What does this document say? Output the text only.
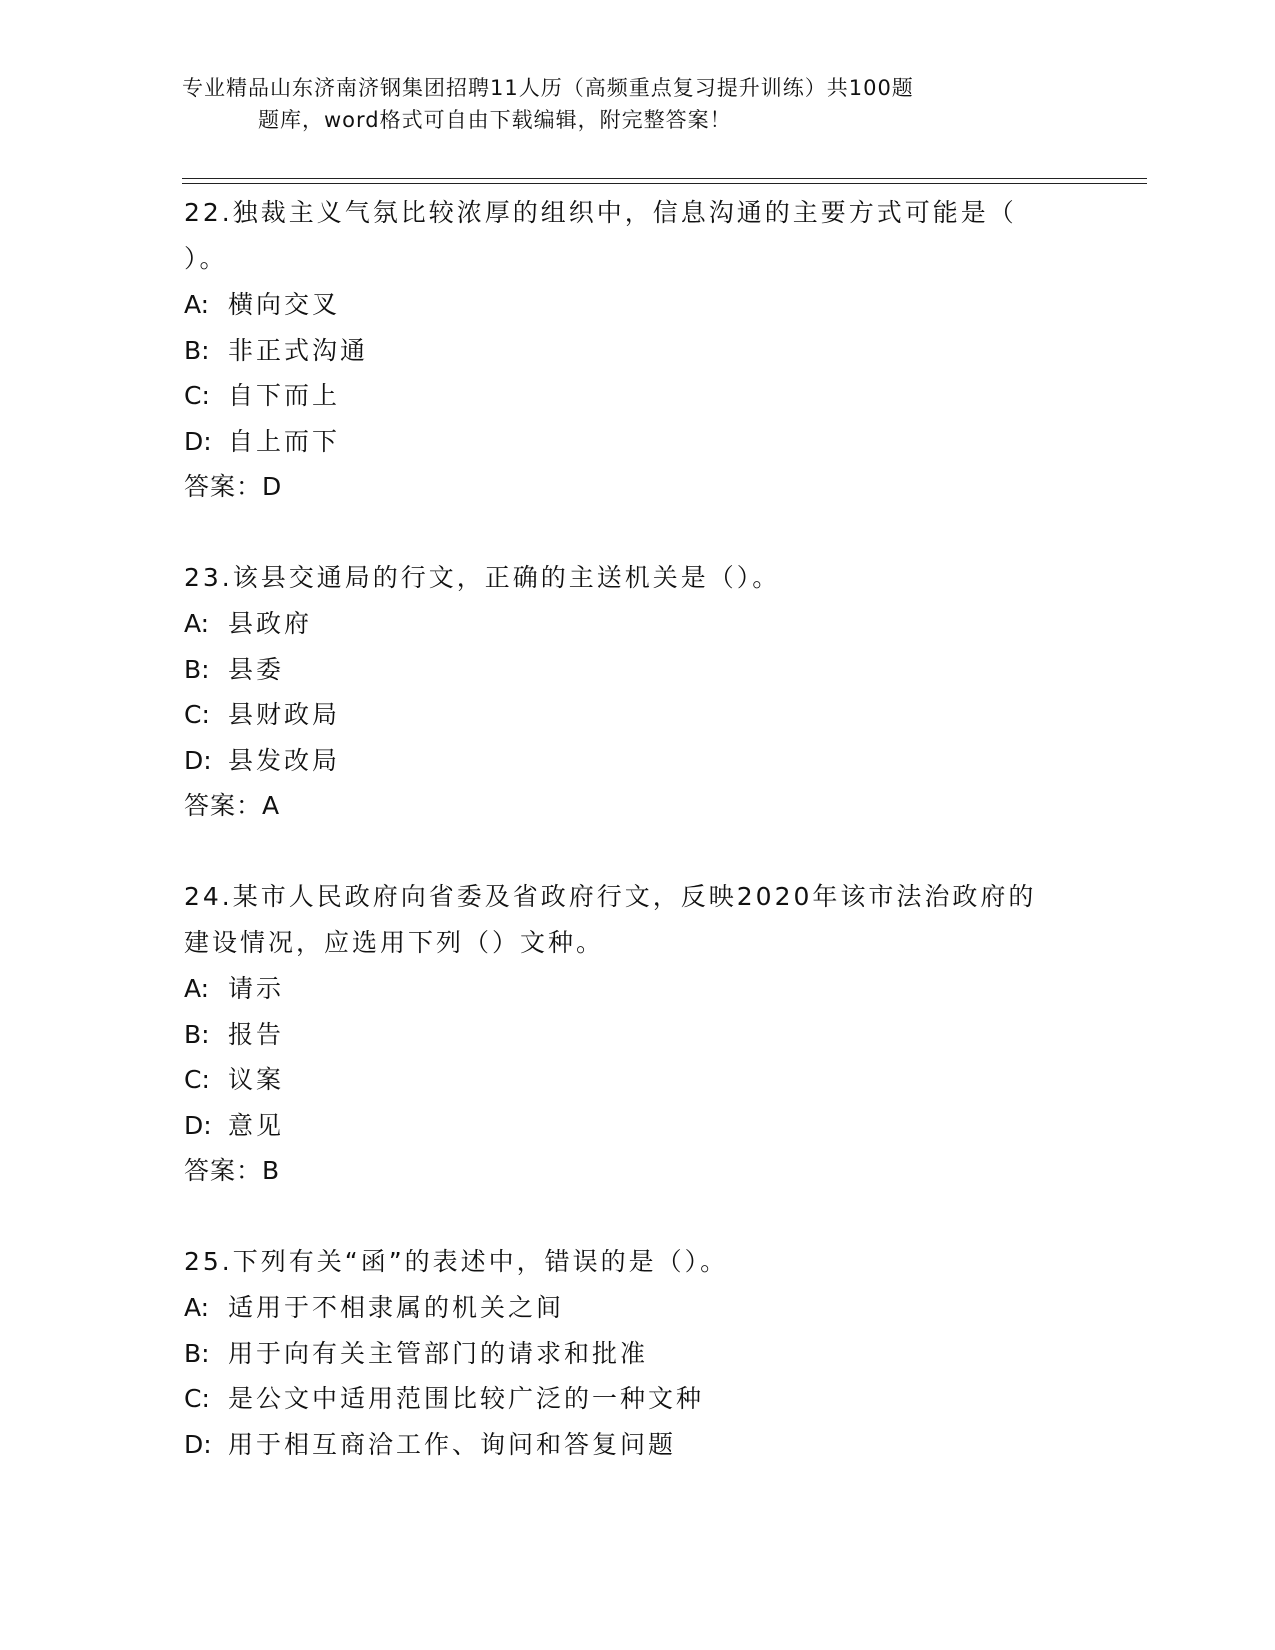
专业精品山东济南济钢集团招聘11人历（高频重点复习提升训练）共100题
题库，word格式可自由下载编辑，附完整答案！
22.独裁主义气氛比较浓厚的组织中，信息沟通的主要方式可能是（
）。
A: 横向交叉
B: 非正式沟通
C: 自下而上
D: 自上而下
答案：D
23.该县交通局的行文，正确的主送机关是（）。
A: 县政府
B: 县委
C: 县财政局
D: 县发改局
答案：A
24.某市人民政府向省委及省政府行文，反映2020年该市法治政府的
建设情况，应选用下列（）文种。
A: 请示
B: 报告
C: 议案
D: 意见
答案：B
25.下列有关“函”的表述中，错误的是（）。
A: 适用于不相隶属的机关之间
B: 用于向有关主管部门的请求和批准
C: 是公文中适用范围比较广泛的一种文种
D: 用于相互商洽工作、询问和答复问题
